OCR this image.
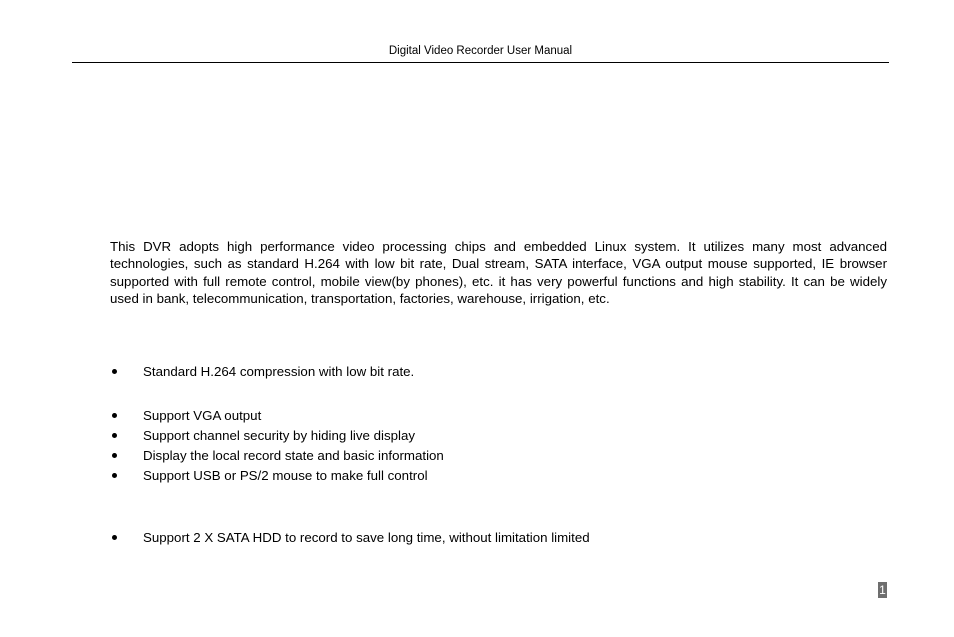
Digital Video Recorder User Manual

This DVR adopts high performance video processing chips and embedded Linux system. It utilizes many most advanced technologies, such as standard H.264 with low bit rate, Dual stream, SATA interface, VGA output mouse supported, IE browser supported with full remote control, mobile view(by phones), etc. it has very powerful functions and high stability. It can be widely used in bank, telecommunication, transportation, factories, warehouse, irrigation, etc.

Standard H.264 compression with low bit rate.
Support VGA output
Support channel security by hiding live display
Display the local record state and basic information
Support USB or PS/2 mouse to make full control
Support 2 X SATA HDD to record to save long time, without limitation limited
1
